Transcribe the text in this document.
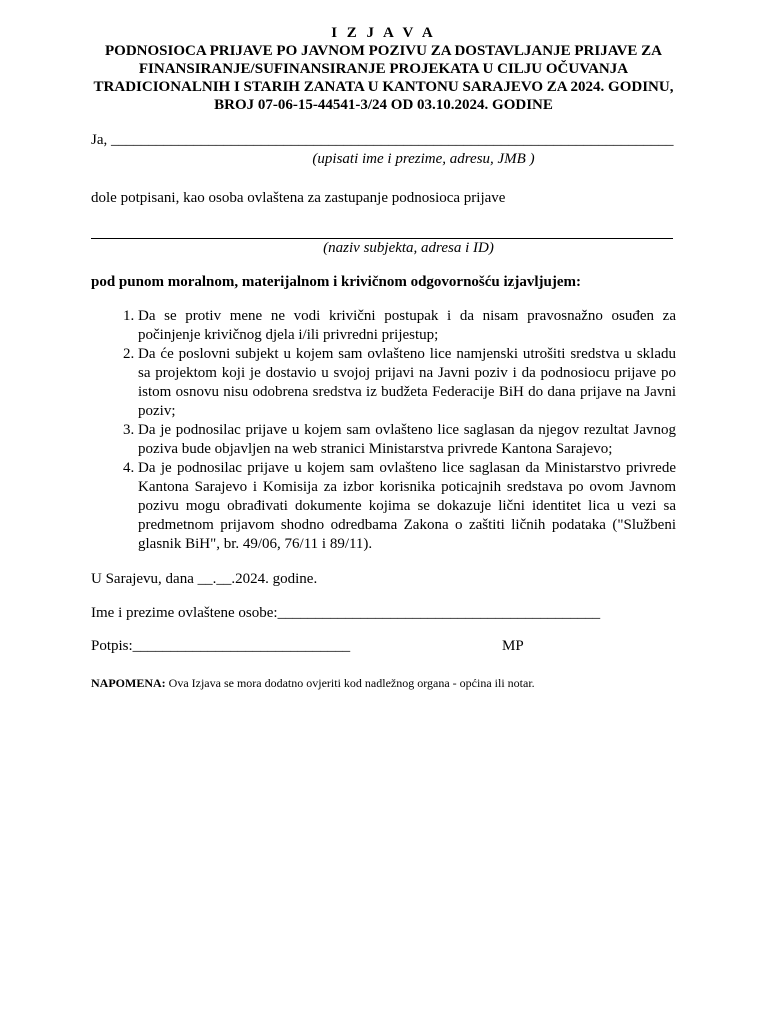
I Z J A V A

PODNOSIOCA PRIJAVE PO JAVNOM POZIVU ZA DOSTAVLJANJE PRIJAVE ZA FINANSIRANJE/SUFINANSIRANJE PROJEKATA U CILJU OČUVANJA TRADICIONALNIH I STARIH ZANATA U KANTONU SARAJEVO ZA 2024. GODINU, BROJ 07-06-15-44541-3/24 OD 03.10.2024. GODINE

Ja, ___________________________________________________________________________

(upisati ime i prezime, adresu, JMB )

dole potpisani, kao osoba ovlaštena za zastupanje podnosioca prijave

(naziv subjekta, adresa i ID)

pod punom moralnom, materijalnom i krivičnom odgovornošću izjavljujem:
1. Da se protiv mene ne vodi krivični postupak i da nisam pravosnažno osuđen za počinjenje krivičnog djela i/ili privredni prijestup;
2. Da će poslovni subjekt u kojem sam ovlašteno lice namjenski utrošiti sredstva u skladu sa projektom koji je dostavio u svojoj prijavi na Javni poziv i da podnosiocu prijave po istom osnovu nisu odobrena sredstva iz budžeta Federacije BiH do dana prijave na Javni poziv;
3. Da je podnosilac prijave u kojem sam ovlašteno lice saglasan da njegov rezultat Javnog poziva bude objavljen na web stranici Ministarstva privrede Kantona Sarajevo;
4. Da je podnosilac prijave u kojem sam ovlašteno lice saglasan da Ministarstvo privrede Kantona Sarajevo i Komisija za izbor korisnika poticajnih sredstava po ovom Javnom pozivu mogu obrađivati dokumente kojima se dokazuje lični identitet lica u vezi sa predmetnom prijavom shodno odredbama Zakona o zaštiti ličnih podataka ("Službeni glasnik BiH", br. 49/06, 76/11 i 89/11).
U Sarajevu, dana __.__.2024. godine.
Ime i prezime ovlaštene osobe:___________________________________________
Potpis:_____________________________	MP
NAPOMENA: Ova Izjava se mora dodatno ovjeriti kod nadležnog organa - općina ili notar.
